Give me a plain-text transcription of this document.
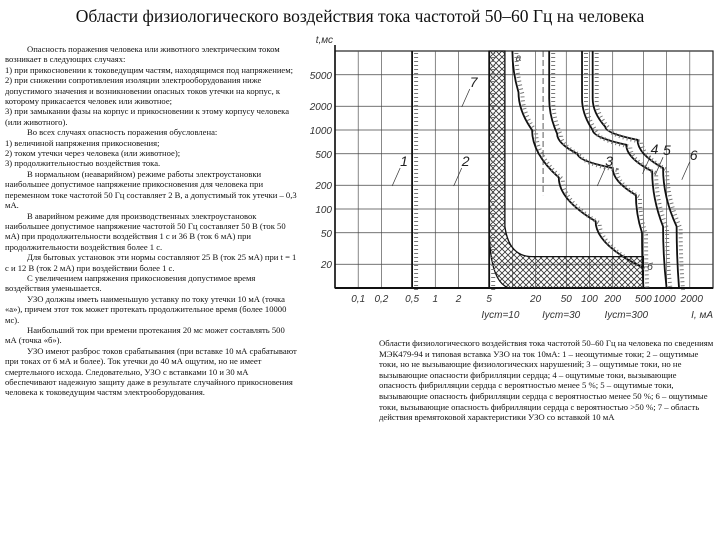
Области физиологического воздействия тока частотой 50–60 Гц на человека

Опасность поражения человека или животного электрическим током возникает в следующих случаях:

1) при прикосновении к токоведущим частям, находящимся под напряжением;

2) при снижении сопротивления изоляции электрооборудования ниже допустимого значения и возникновении опасных токов утечки на корпус, к которому прикасается человек или животное;

3) при замыкании фазы на корпус и прикосновении к этому корпусу человека (или животного).

Во всех случаях опасность поражения обусловлена:

1) величиной напряжения прикосновения;

2) током утечки через человека (или животное);

3) продолжительностью воздействия тока.

В нормальном (неаварийном) режиме работы электроустановки наибольшее допустимое напряжение прикосновения для человека при переменном токе частотой 50 Гц составляет 2 В, а допустимый ток утечки – 0,3 мА.

В аварийном режиме для производственных электроустановок наибольшее допустимое напряжение частотой 50 Гц составляет 50 В (ток 50 мА) при продолжительности воздействия 1 с и 36 В (ток 6 мА) при продолжительности воздействия более 1 с.

Для бытовых установок эти нормы составляют 25 В (ток 25 мА) при t = 1 с и 12 В (ток 2 мА) при воздействии более 1 с.

С увеличением напряжения прикосновения допустимое время воздействия уменьшается.

УЗО должны иметь наименьшую уставку по току утечки 10 мА (точка «а»), причем этот ток может протекать продолжительное время (более 10000 мс).

Наибольший ток при времени протекания 20 мс может составлять 500 мА (точка «б»).

УЗО имеют разброс токов срабатывания (при вставке 10 мА срабатывают при токах от 6 мА и более). Ток утечки до 40 мА ощутим, но не имеет смертельного исхода. Следовательно, УЗО с вставками 10 и 30 мА обеспечивают надежную защиту даже в результате случайного прикосновения человека к токоведущим частям электрооборудования.

0,1 0,2 0,5 1 2	5	20 50 100 200 500 1000 2000
5000
2000
1000
500
200
100
50
20
t,мс
I, мА
Iуст=10 Iуст=30 Iуст=300
1	2	3
4 5 6
7
а
б
Области физиологического воздействия тока частотой 50–60 Гц на человека по сведениям МЭК479-94 и типовая вставка УЗО на ток 10мА: 1 – неощутимые токи; 2 – ощутимые токи, но не вызывающие физиологических нарушений; 3 – ощутимые токи, но не вызывающие опасности фибрилляции сердца; 4 – ощутимые токи, вызывающие опасность фибрилляции сердца с вероятностью менее 5 %; 5 – ощутимые токи, вызывающие опасность фибрилляции сердца с вероятностью менее 50 %; 6 – ощутимые токи, вызывающие опасность фибрилляции сердца с вероятностью >50 %; 7 – область действия времятоковой характеристики УЗО со вставкой 10 мА
